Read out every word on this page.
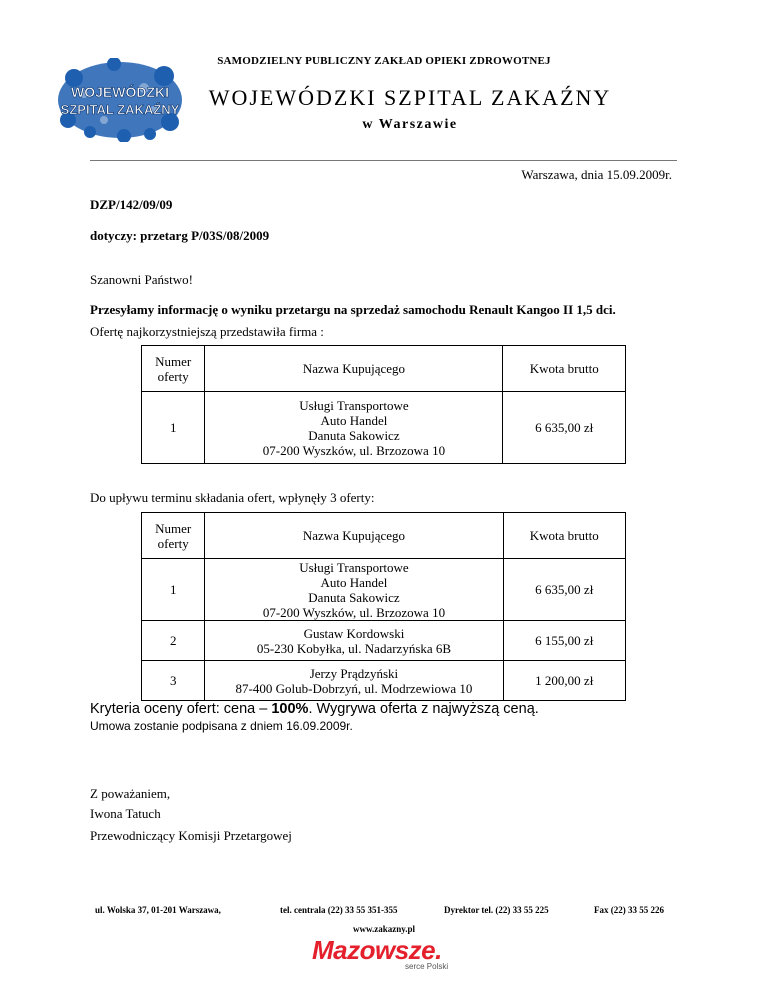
WOJEWÓDZKI
SZPITAL ZAKAŹNY
SAMODZIELNY PUBLICZNY ZAKŁAD OPIEKI ZDROWOTNEJ
WOJEWÓDZKI SZPITAL ZAKAŹNY
w Warszawie
Warszawa, dnia 15.09.2009r.
DZP/142/09/09
dotyczy: przetarg P/03S/08/2009
Szanowni Państwo!
Przesyłamy informację o wyniku przetargu na sprzedaż samochodu Renault Kangoo II 1,5 dci.
Ofertę najkorzystniejszą przedstawiła firma :
Numer
oferty	Nazwa Kupującego	Kwota brutto
1	Usługi Transportowe
Auto Handel
Danuta Sakowicz
07-200 Wyszków, ul. Brzozowa 10	6 635,00 zł
Do upływu terminu składania ofert, wpłynęły 3 oferty:
Numer
oferty	Nazwa Kupującego	Kwota brutto
1	Usługi Transportowe
Auto Handel
Danuta Sakowicz
07-200 Wyszków, ul. Brzozowa 10	6 635,00 zł
2	Gustaw Kordowski
05-230 Kobyłka, ul. Nadarzyńska 6B	6 155,00 zł
3	Jerzy Prądzyński
87-400 Golub-Dobrzyń, ul. Modrzewiowa 10	1 200,00 zł
Kryteria oceny ofert: cena – 100%. Wygrywa oferta z najwyższą ceną.
Umowa zostanie podpisana z dniem 16.09.2009r.
Z poważaniem,
Iwona Tatuch
Przewodniczący Komisji Przetargowej
ul. Wolska 37, 01-201 Warszawa,	tel. centrala (22) 33 55 351-355	Dyrektor tel. (22) 33 55 225	Fax (22) 33 55 226
www.zakazny.pl
Mazowsze.
serce Polski
